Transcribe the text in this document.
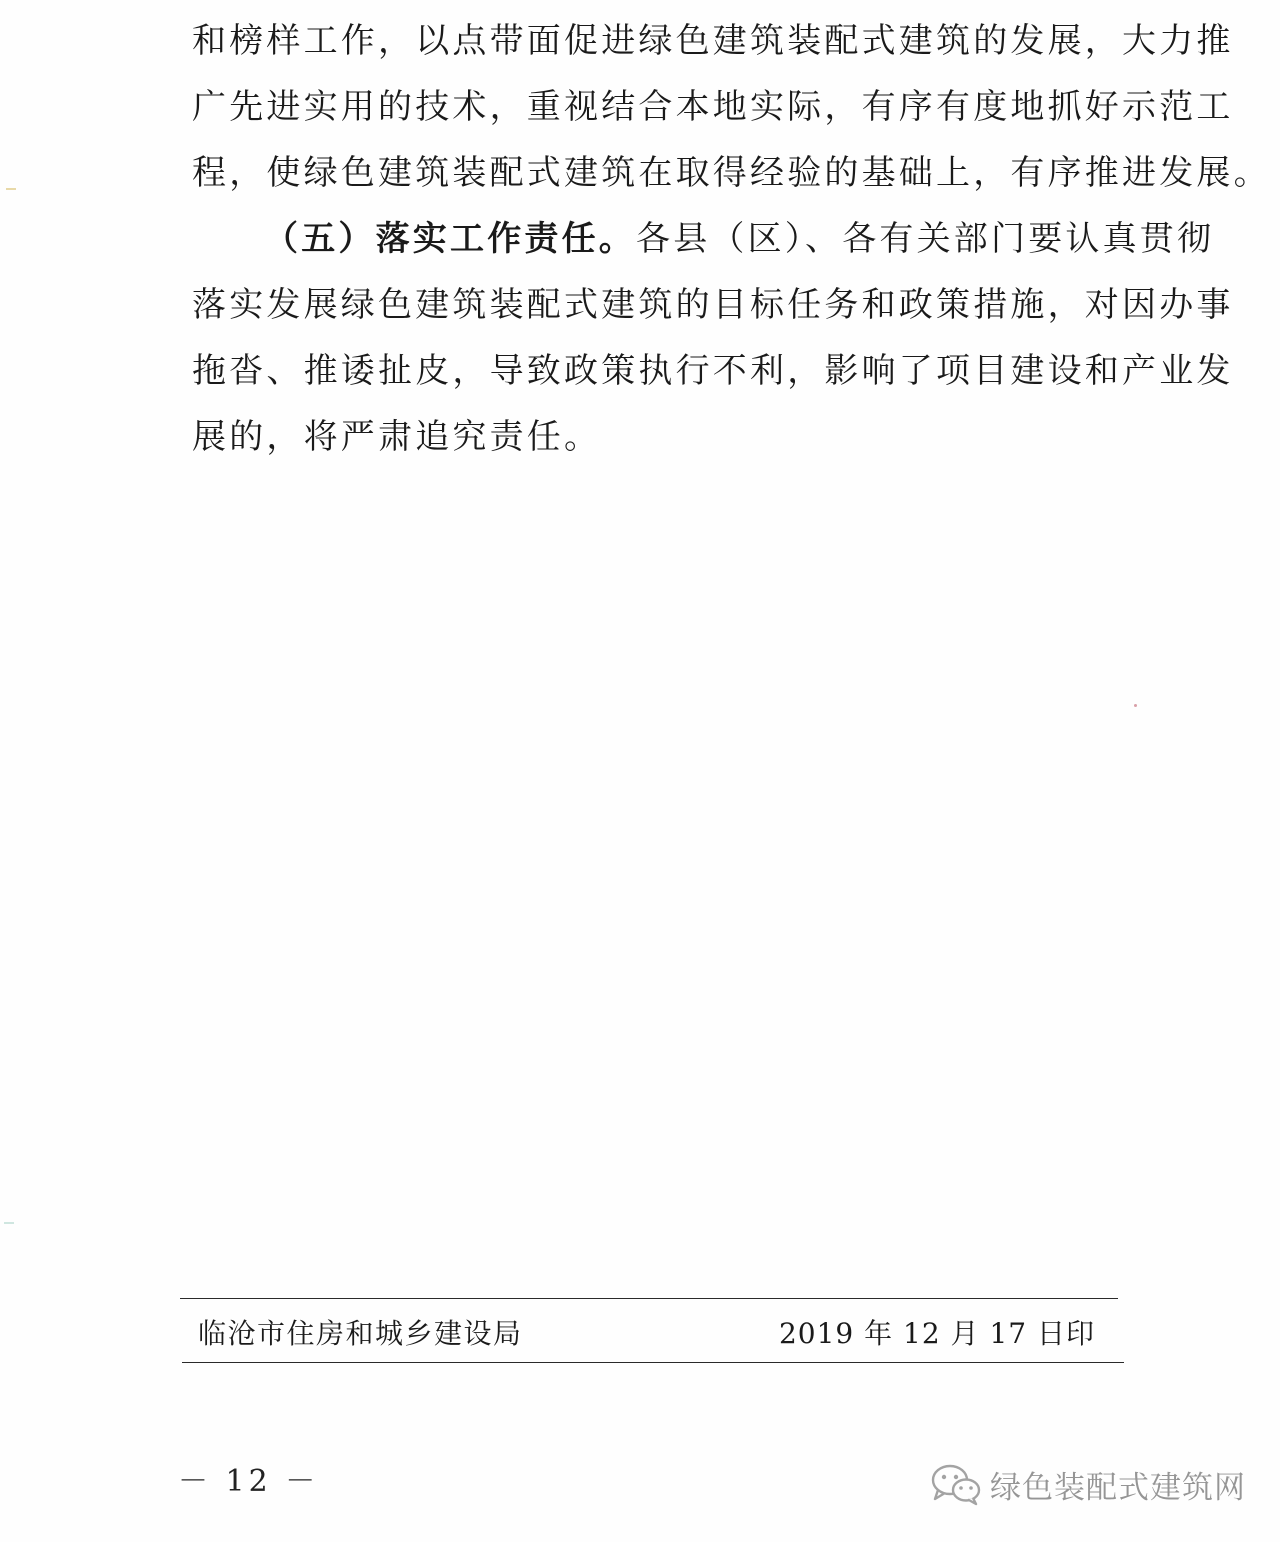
和榜样工作，以点带面促进绿色建筑装配式建筑的发展，大力推
广先进实用的技术，重视结合本地实际，有序有度地抓好示范工
程，使绿色建筑装配式建筑在取得经验的基础上，有序推进发展。
（五）落实工作责任。各县（区）、各有关部门要认真贯彻
落实发展绿色建筑装配式建筑的目标任务和政策措施，对因办事
拖沓、推诿扯皮，导致政策执行不利，影响了项目建设和产业发
展的，将严肃追究责任。
临沧市住房和城乡建设局	2019 年 12 月 17 日印
－ 12 －	绿色装配式建筑网
